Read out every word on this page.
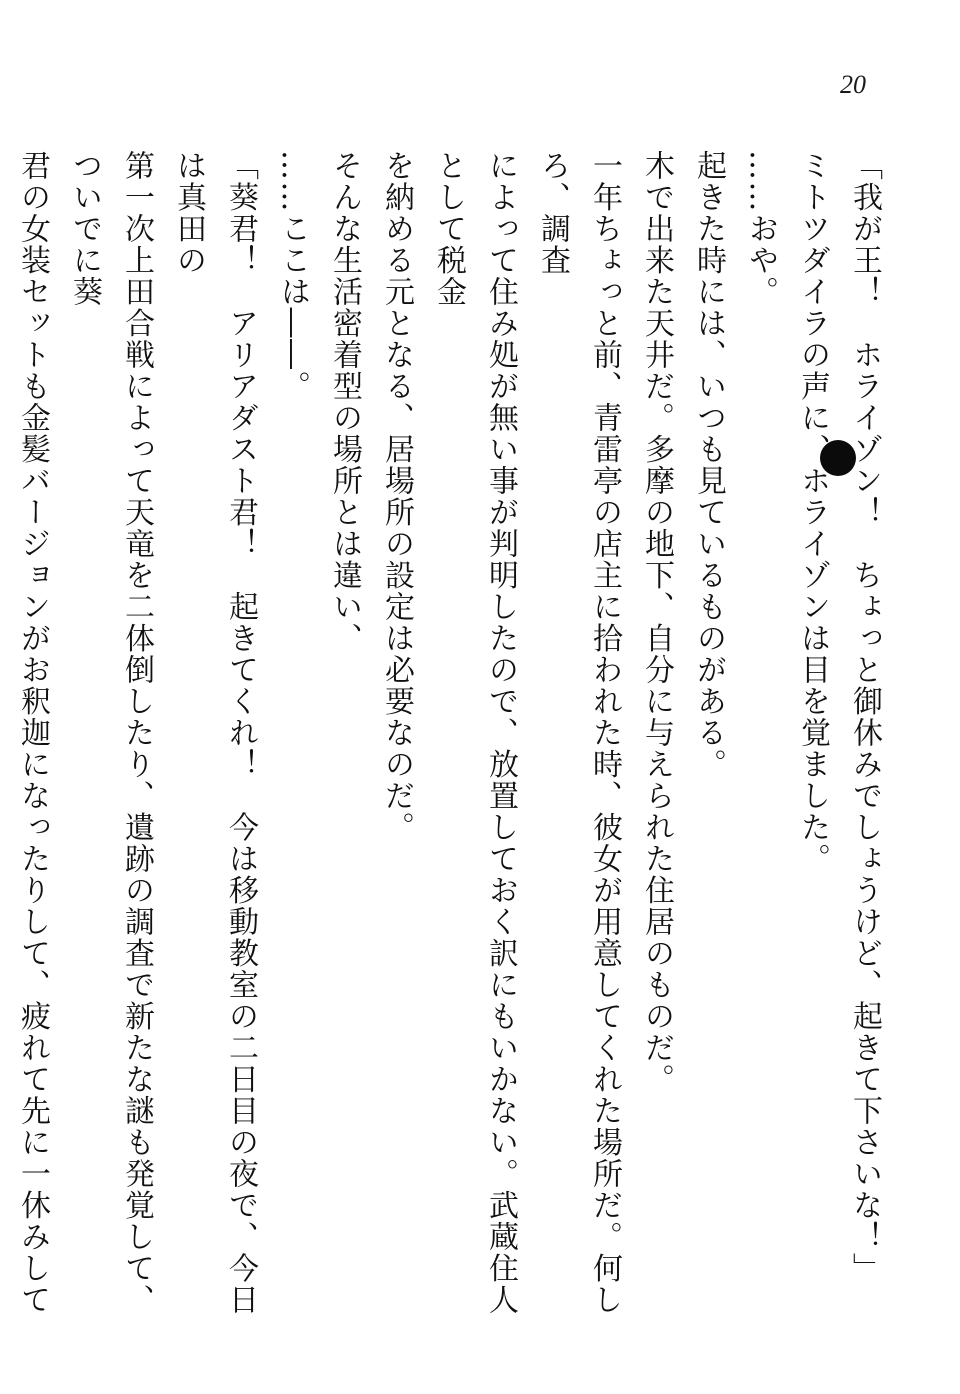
20

「我が王！　ホライゾン！　ちょっと御休みでしょうけど、起きて下さいな！」

ミトツダイラの声に、ホライゾンは目を覚ました。

……おや。

起きた時には、いつも見ているものがある。

木で出来た天井だ。多摩の地下、自分に与えられた住居のものだ。

一年ちょっと前、青雷亭の店主に拾われた時、彼女が用意してくれた場所だ。何しろ、調査

によって住み処が無い事が判明したので、放置しておく訳にもいかない。武蔵住人として税金

を納める元となる、居場所の設定は必要なのだ。

そんな生活密着型の場所とは違い、

……ここは――。

「葵君！　アリアダスト君！　起きてくれ！　今は移動教室の二日目の夜で、今日は真田の

第一次上田合戦によって天竜を二体倒したり、遺跡の調査で新たな謎も発覚して、ついでに葵

君の女装セットも金髪バージョンがお釈迦になったりして、疲れて先に一休みして
